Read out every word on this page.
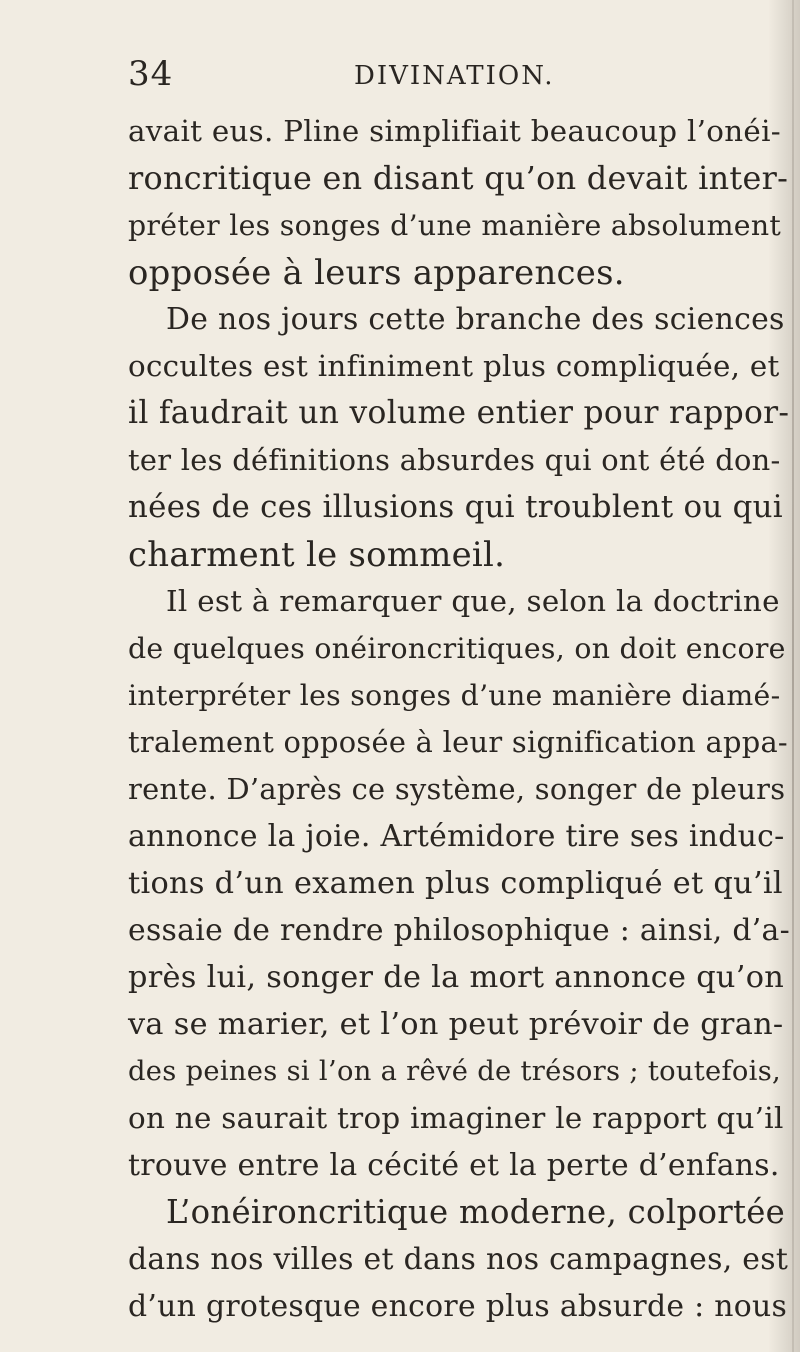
34	DIVINATION.
avait eus. Pline simplifiait beaucoup l’onéi-
roncritique en disant qu’on devait inter-
préter les songes d’une manière absolument
opposée à leurs apparences.
De nos jours cette branche des sciences
occultes est infiniment plus compliquée, et
il faudrait un volume entier pour rappor-
ter les définitions absurdes qui ont été don-
nées de ces illusions qui troublent ou qui
charment le sommeil.
Il est à remarquer que, selon la doctrine
de quelques onéironcritiques, on doit encore
interpréter les songes d’une manière diamé-
tralement opposée à leur signification appa-
rente. D’après ce système, songer de pleurs
annonce la joie. Artémidore tire ses induc-
tions d’un examen plus compliqué et qu’il
essaie de rendre philosophique : ainsi, d’a-
près lui, songer de la mort annonce qu’on
va se marier, et l’on peut prévoir de gran-
des peines si l’on a rêvé de trésors ; toutefois,
on ne saurait trop imaginer le rapport qu’il
trouve entre la cécité et la perte d’enfans.
L’onéironcritique moderne, colportée
dans nos villes et dans nos campagnes, est
d’un grotesque encore plus absurde : nous
